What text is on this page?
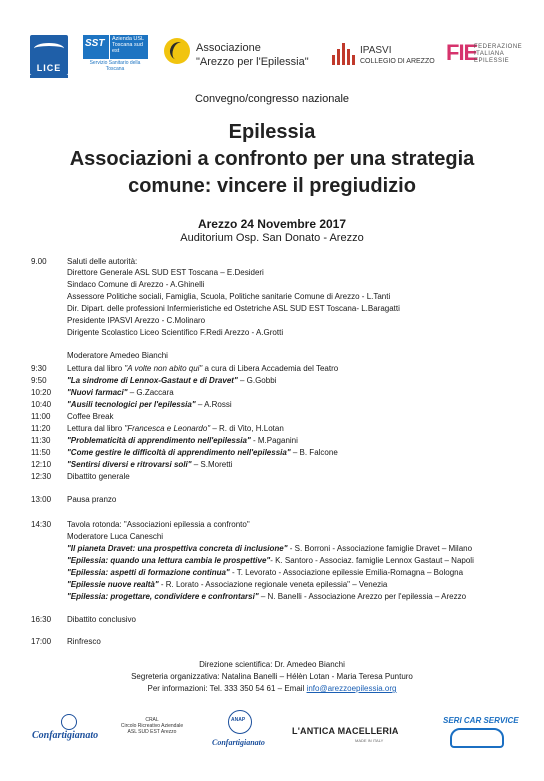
LICE
SST	Azienda USL Toscana sud est
Servizio Sanitario della Toscana
Associazione
"Arezzo per l'Epilessia"
IPASVI
COLLEGIO DI AREZZO FIE
FEDERAZIONE
ITALIANA
EPILESSIE
Convegno/congresso nazionale
Epilessia
Associazioni a confronto per una strategia
comune: vincere il pregiudizio
Arezzo 24 Novembre 2017
Auditorium Osp. San Donato - Arezzo
9.00	Saluti delle autorità:
Direttore Generale ASL SUD EST Toscana – E.Desideri
Sindaco Comune di Arezzo - A.Ghinelli
Assessore Politiche sociali, Famiglia, Scuola, Politiche sanitarie Comune di Arezzo - L.Tanti
Dir. Dipart. delle professioni Infermieristiche ed Ostetriche ASL SUD EST Toscana- L.Baragatti
Presidente IPASVI Arezzo - C.Molinaro
Dirigente Scolastico Liceo Scientifico F.Redi Arezzo - A.Grotti
Moderatore Amedeo Bianchi
9:30	Lettura dal libro "A volte non abito qui" a cura di Libera Accademia del Teatro
9:50	"La sindrome di Lennox-Gastaut e di Dravet" – G.Gobbi
10:20	"Nuovi farmaci" – G.Zaccara
10:40	"Ausili tecnologici per l'epilessia" – A.Rossi
11:00	Coffee Break
11:20	Lettura dal libro "Francesca e Leonardo" – R. di Vito, H.Lotan
11:30	"Problematicità di apprendimento nell'epilessia" - M.Paganini
11:50	"Come gestire le difficoltà di apprendimento nell'epilessia" – B. Falcone
12:10	"Sentirsi diversi e ritrovarsi soli" – S.Moretti
12:30	Dibattito generale
13:00	Pausa pranzo
14:30	Tavola rotonda: "Associazioni epilessia a confronto"
Moderatore Luca Caneschi
"Il pianeta Dravet: una prospettiva concreta di inclusione" - S. Borroni - Associazione famiglie Dravet – Milano
"Epilessia: quando una lettura cambia le prospettive"- K. Santoro - Associaz. famiglie Lennox Gastaut – Napoli
"Epilessia: aspetti di formazione continua" - T. Levorato - Associazione epilessie Emilia-Romagna – Bologna
"Epilessie nuove realtà" - R. Lorato - Associazione regionale veneta epilessia" – Venezia
"Epilessia: progettare, condividere e confrontarsi" – N. Banelli - Associazione Arezzo per l'epilessia – Arezzo
16:30	Dibattito conclusivo
17:00	Rinfresco
Direzione scientifica: Dr. Amedeo Bianchi
Segreteria organizzativa: Natalina Banelli – Hélèn Lotan - Maria Teresa Punturo
Per informazioni: Tel. 333 350 54 61 – Email info@arezzoepilessia.org
Confartigianato
CRAL
Circolo Ricreativo Aziendale
ASL SUD EST Arezzo
ANAP
Confartigianato
L'ANTICA MACELLERIA
MADE IN ITALY
SERI CAR SERVICE
